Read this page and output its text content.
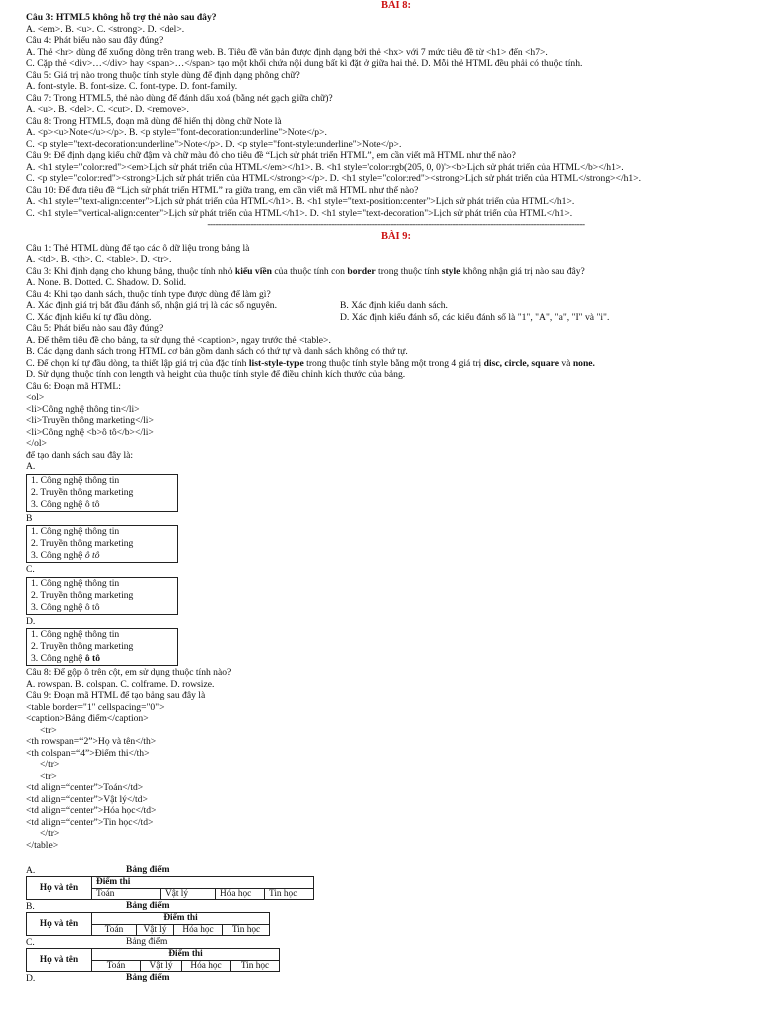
BÀI 8:
Câu 3: HTML5 không hỗ trợ thẻ nào sau đây?
A. <em>. B. <u>. C. <strong>. D. <del>.
Câu 4: Phát biểu nào sau đây đúng?
A. Thẻ <hr> dùng để xuống dòng trên trang web. B. Tiêu đề văn bản được định dạng bởi thẻ <hx> với 7 mức tiêu đề từ <h1> đến <h7>.
C. Cặp thẻ <div>…</div> hay <span>…</span> tạo một khối chứa nội dung bất kì đặt ở giữa hai thẻ. D. Mỗi thẻ HTML đều phải có thuộc tính.
Câu 5: Giá trị nào trong thuộc tính style dùng để định dạng phông chữ?
A. font-style. B. font-size. C. font-type. D. font-family.
Câu 7: Trong HTML5, thẻ nào dùng để đánh dấu xoá (bằng nét gạch giữa chữ)?
A. <u>. B. <del>. C. <cut>. D. <remove>.
Câu 8: Trong HTML5, đoạn mã dùng để hiển thị dòng chữ Note là
A. <p><u>Note</u></p>. B. <p style="font-decoration:underline">Note</p>.
C. <p style="text-decoration:underline">Note</p>. D. <p style="font-style:underline">Note</p>.
Câu 9: Để định dạng kiểu chữ đậm và chữ màu đỏ cho tiêu đề “Lịch sử phát triển HTML”, em cần viết mã HTML như thế nào?
A. <h1 style="color:red"><em>Lịch sử phát triển của HTML</em></h1>. B. <h1 style='color:rgb(205, 0, 0)'><b>Lịch sử phát triển của HTML</b></h1>.
C. <p style="color:red"><strong>Lịch sử phát triển của HTML</strong></p>. D. <h1 style="color:red"><strong>Lịch sử phát triển của HTML</strong></h1>.
Câu 10: Để đưa tiêu đề “Lịch sử phát triển HTML” ra giữa trang, em cần viết mã HTML như thế nào?
A. <h1 style="text-align:center">Lịch sử phát triển của HTML</h1>. B. <h1 style="text-position:center">Lịch sử phát triển của HTML</h1>.
C. <h1 style="vertical-align:center">Lịch sử phát triển của HTML</h1>. D. <h1 style="text-decoration">Lịch sử phát triển của HTML</h1>.
--------------------------------------------------------------------------------------------------------------------------------------------
BÀI 9:
Câu 1: Thẻ HTML dùng để tạo các ô dữ liệu trong bảng là
A. <td>. B. <th>. C. <table>. D. <tr>.
Câu 3: Khi định dạng cho khung bảng, thuộc tính nhỏ kiểu viền của thuộc tính con border trong thuộc tính style không nhận giá trị nào sau đây?
A. None. B. Dotted. C. Shadow. D. Solid.
Câu 4: Khi tạo danh sách, thuộc tính type được dùng để làm gì?
A. Xác định giá trị bắt đầu đánh số, nhận giá trị là các số nguyên.	B. Xác định kiểu danh sách.
C. Xác định kiểu kí tự đầu dòng.	D. Xác định kiểu đánh số, các kiểu đánh số là "1", "A", "a", "I" và "i".
Câu 5: Phát biểu nào sau đây đúng?
A. Để thêm tiêu đề cho bảng, ta sử dụng thẻ <caption>, ngay trước thẻ <table>.
B. Các dạng danh sách trong HTML cơ bản gồm danh sách có thứ tự và danh sách không có thứ tự.
C. Để chọn kí tự đầu dòng, ta thiết lập giá trị của đặc tính list-style-type trong thuộc tính style bằng một trong 4 giá trị disc, circle, square và none.
D. Sử dụng thuộc tính con length và height của thuộc tính style để điều chỉnh kích thước của bảng.
Câu 6: Đoạn mã HTML:
<ol>
<li>Công nghệ thông tin</li>
<li>Truyền thông marketing</li>
<li>Công nghệ <b>ô tô</b></li>
</ol>
để tạo danh sách sau đây là:
A.
1. Công nghệ thông tin
2. Truyền thông marketing
3. Công nghệ ô tô
B
1. Công nghệ thông tin
2. Truyền thông marketing
3. Công nghệ ô tô
C.
1. Công nghệ thông tin
2. Truyền thông marketing
3. Công nghệ ô tô
D.
1. Công nghệ thông tin
2. Truyền thông marketing
3. Công nghệ ô tô
Câu 8: Để gộp ô trên cột, em sử dụng thuộc tính nào?
A. rowspan. B. colspan. C. colframe. D. rowsize.
Câu 9: Đoạn mã HTML để tạo bảng sau đây là
<table border="1" cellspacing="0">
<caption>Bảng điểm</caption>
<tr>
<th rowspan=“2”>Họ và tên</th>
<th colspan=“4”>Điểm thi</th>
</tr>
<tr>
<td align=“center”>Toán</td>
<td align=“center”>Vật lý</td>
<td align=“center”>Hóa học</td>
<td align=“center”>Tin học</td>
</tr>
</table>
A.	Bảng điểm
Họ và tên	Điểm thi			
	Toán	Vật lý	Hóa học	Tin học
B.	Bảng điểm
Họ và tên	Điểm thi			
	Toán	Vật lý	Hóa học	Tin học
C.	Bảng điểm
Họ và tên	Điểm thi			
	Toán	Vật lý	Hóa học	Tin học
D.	Bảng điểm
